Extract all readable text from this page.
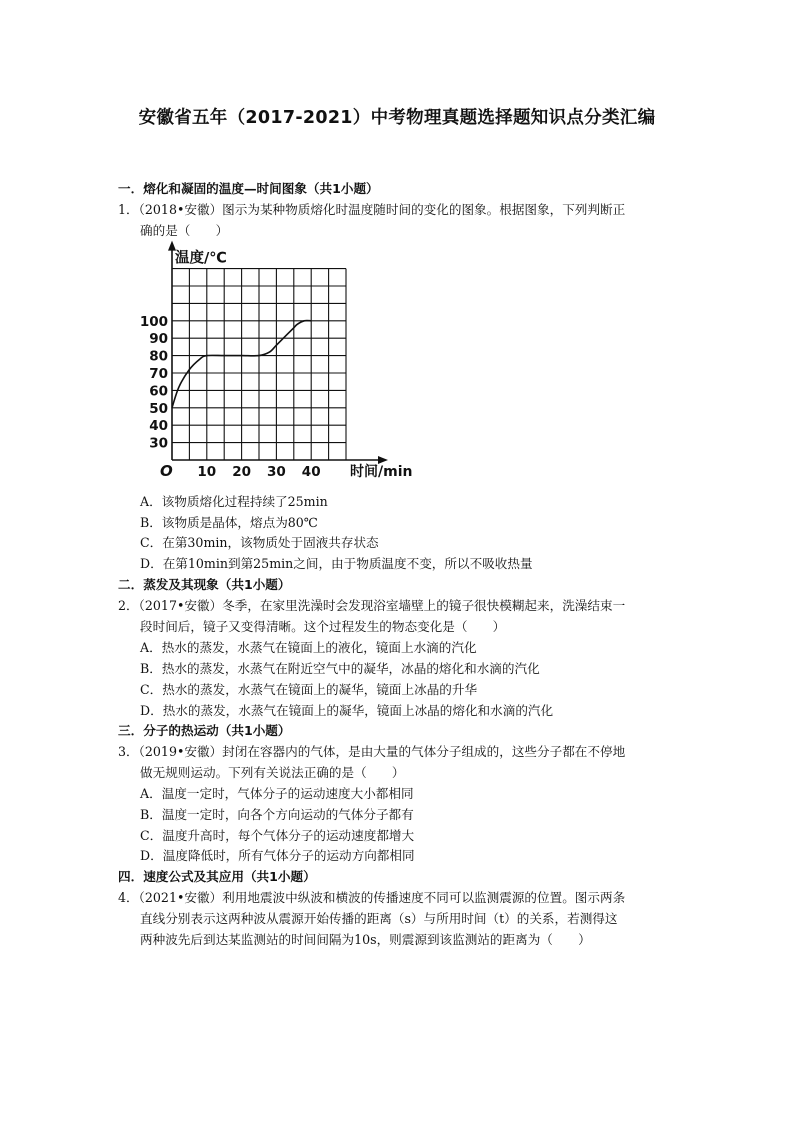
安徽省五年（2017-2021）中考物理真题选择题知识点分类汇编
一．熔化和凝固的温度—时间图象（共1小题）
1．（2018•安徽）图示为某种物质熔化时温度随时间的变化的图象。根据图象，下列判断正
确的是（　　）
O 10 20 30 40
30
40
50
60
70
80
90
100
温度/℃
时间/min
A．该物质熔化过程持续了25min
B．该物质是晶体，熔点为80℃
C．在第30min，该物质处于固液共存状态
D．在第10min到第25min之间，由于物质温度不变，所以不吸收热量
二．蒸发及其现象（共1小题）
2．（2017•安徽）冬季，在家里洗澡时会发现浴室墙壁上的镜子很快模糊起来，洗澡结束一
段时间后，镜子又变得清晰。这个过程发生的物态变化是（　　）
A．热水的蒸发，水蒸气在镜面上的液化，镜面上水滴的汽化
B．热水的蒸发，水蒸气在附近空气中的凝华，冰晶的熔化和水滴的汽化
C．热水的蒸发，水蒸气在镜面上的凝华，镜面上冰晶的升华
D．热水的蒸发，水蒸气在镜面上的凝华，镜面上冰晶的熔化和水滴的汽化
三．分子的热运动（共1小题）
3．（2019•安徽）封闭在容器内的气体，是由大量的气体分子组成的，这些分子都在不停地
做无规则运动。下列有关说法正确的是（　　）
A．温度一定时，气体分子的运动速度大小都相同
B．温度一定时，向各个方向运动的气体分子都有
C．温度升高时，每个气体分子的运动速度都增大
D．温度降低时，所有气体分子的运动方向都相同
四．速度公式及其应用（共1小题）
4．（2021•安徽）利用地震波中纵波和横波的传播速度不同可以监测震源的位置。图示两条
直线分别表示这两种波从震源开始传播的距离（s）与所用时间（t）的关系，若测得这
两种波先后到达某监测站的时间间隔为10s，则震源到该监测站的距离为（　　）
